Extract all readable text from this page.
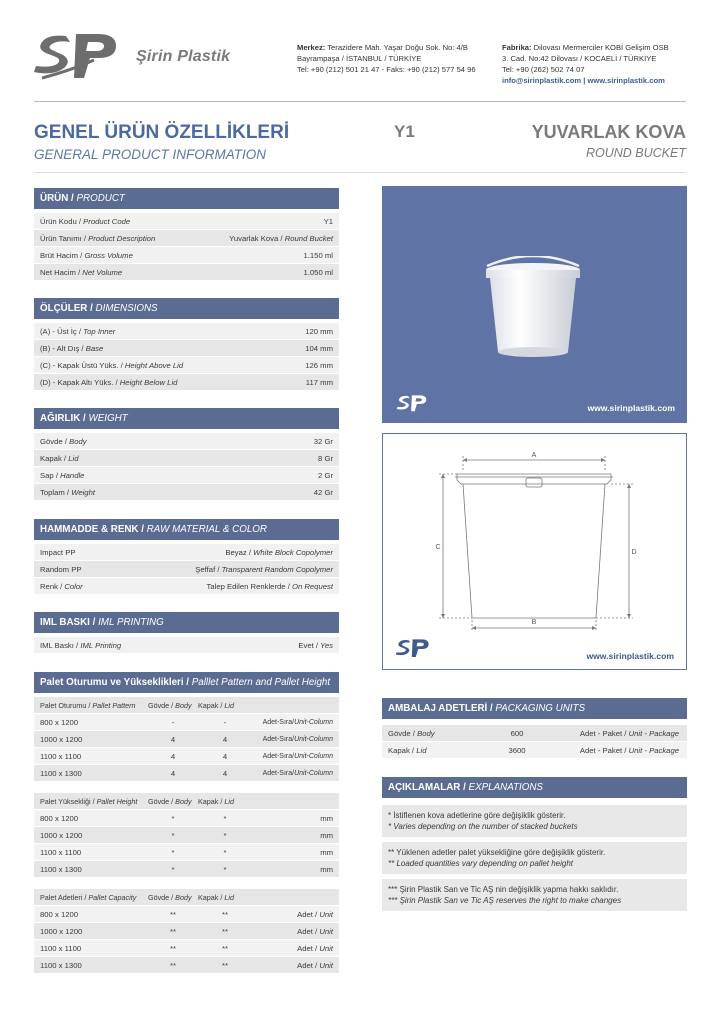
Şirin Plastik
Merkez: Terazidere Mah. Yaşar Doğu Sok. No: 4/B
Bayrampaşa / İSTANBUL / TÜRKİYE
Tel: +90 (212) 501 21 47 - Faks: +90 (212) 577 54 96
Fabrika: Dilovası Mermerciler KOBİ Gelişim OSB
3. Cad. No:42 Dilovası / KOCAELİ / TÜRKİYE
Tel: +90 (262) 502 74 07
info@sirinplastik.com | www.sirinplastik.com
GENEL ÜRÜN ÖZELLİKLERİ
GENERAL PRODUCT INFORMATION
Y1	YUVARLAK KOVA
ROUND BUCKET
ÜRÜN / PRODUCT
Ürün Kodu / Product Code	Y1
Ürün Tanımı / Product Description	Yuvarlak Kova / Round Bucket
Brüt Hacim / Gross Volume	1.150 ml
Net Hacim / Net Volume	1.050 ml
ÖLÇÜLER / DIMENSIONS
(A) - Üst İç / Top Inner	120 mm
(B) - Alt Dış / Base	104 mm
(C) - Kapak Üstü Yüks. / Height Above Lid	126 mm
(D) - Kapak Altı Yüks. / Height Below Lid	117 mm
AĞIRLIK / WEIGHT
Gövde / Body	32 Gr
Kapak / Lid	8 Gr
Sap / Handle	2 Gr
Toplam / Weight	42 Gr
HAMMADDE & RENK / RAW MATERIAL & COLOR
Impact PP	Beyaz / White Block Copolymer
Random PP	Şeffaf / Transparent Random Copolymer
Renk / Color	Talep Edilen Renklerde / On Request
IML BASKI / IML PRINTING
IML Baskı / IML Printing	Evet / Yes
Palet Oturumu ve Yükseklikleri / Palllet Pattern and Pallet Height
Palet Oturumu / Pallet Pattern	Gövde / Body Kapak / Lid
800 x 1200	-	-	Adet-Sıra/Unit-Column
1000 x 1200	4	4	Adet-Sıra/Unit-Column
1100 x 1100	4	4	Adet-Sıra/Unit-Column
1100 x 1300	4	4	Adet-Sıra/Unit-Column
Palet Yüksekliği / Pallet Height	Gövde / Body Kapak / Lid
800 x 1200	*	*	mm
1000 x 1200	*	*	mm
1100 x 1100	*	*	mm
1100 x 1300	*	*	mm
Palet Adetleri / Pallet Capacity	Gövde / Body Kapak / Lid
800 x 1200	**	**	Adet / Unit
1000 x 1200	**	**	Adet / Unit
1100 x 1100	**	**	Adet / Unit
1100 x 1300	**	**	Adet / Unit
www.sirinplastik.com
A
B
C
D
www.sirinplastik.com
AMBALAJ ADETLERİ / PACKAGING UNITS
Gövde / Body	600	Adet - Paket / Unit - Package
Kapak / Lid	3600	Adet - Paket / Unit - Package
AÇIKLAMALAR / EXPLANATIONS
* İstiflenen kova adetlerine göre değişiklik gösterir.
* Varies depending on the number of stacked buckets
** Yüklenen adetler palet yüksekliğine göre değişiklik gösterir.
** Loaded quantities vary depending on pallet height
*** Şirin Plastik San ve Tic AŞ nin değişiklik yapma hakkı saklıdır.
*** Şirin Plastik San ve Tic AŞ reserves the right to make changes
